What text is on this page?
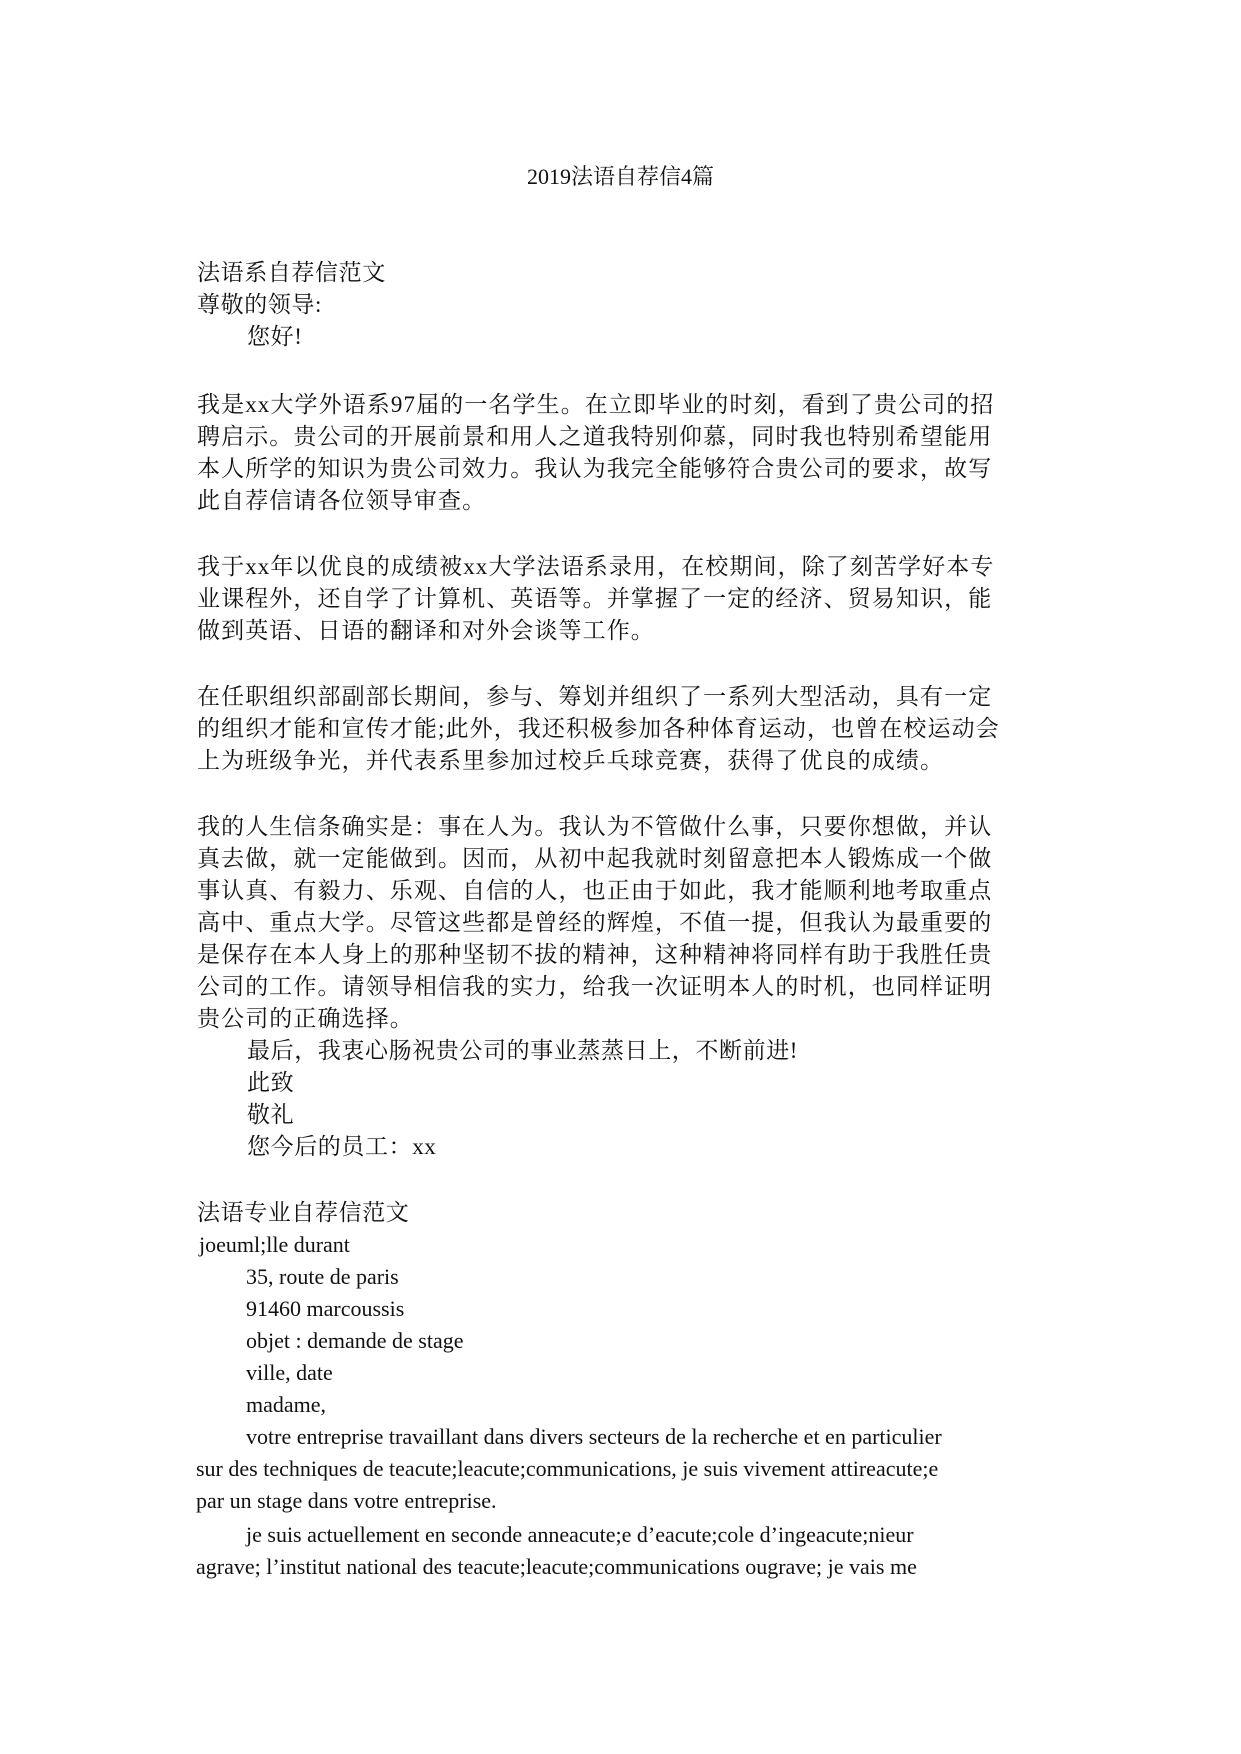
2019法语自荐信4篇
法语系自荐信范文
尊敬的领导:
您好!
我是xx大学外语系97届的一名学生。在立即毕业的时刻，看到了贵公司的招
聘启示。贵公司的开展前景和用人之道我特别仰慕，同时我也特别希望能用
本人所学的知识为贵公司效力。我认为我完全能够符合贵公司的要求，故写
此自荐信请各位领导审查。
我于xx年以优良的成绩被xx大学法语系录用，在校期间，除了刻苦学好本专
业课程外，还自学了计算机、英语等。并掌握了一定的经济、贸易知识，能
做到英语、日语的翻译和对外会谈等工作。
在任职组织部副部长期间，参与、筹划并组织了一系列大型活动，具有一定
的组织才能和宣传才能;此外，我还积极参加各种体育运动，也曾在校运动会
上为班级争光，并代表系里参加过校乒乓球竞赛，获得了优良的成绩。
我的人生信条确实是：事在人为。我认为不管做什么事，只要你想做，并认
真去做，就一定能做到。因而，从初中起我就时刻留意把本人锻炼成一个做
事认真、有毅力、乐观、自信的人，也正由于如此，我才能顺利地考取重点
高中、重点大学。尽管这些都是曾经的辉煌，不值一提，但我认为最重要的
是保存在本人身上的那种坚韧不拔的精神，这种精神将同样有助于我胜任贵
公司的工作。请领导相信我的实力，给我一次证明本人的时机，也同样证明
贵公司的正确选择。
最后，我衷心肠祝贵公司的事业蒸蒸日上，不断前进!
此致
敬礼
您今后的员工：xx
法语专业自荐信范文
joeuml;lle durant
35, route de paris
91460 marcoussis
objet : demande de stage
ville, date
madame,
votre entreprise travaillant dans divers secteurs de la recherche et en particulier
sur des techniques de teacute;leacute;communications, je suis vivement attireacute;e
par un stage dans votre entreprise.
je suis actuellement en seconde anneacute;e d’eacute;cole d’ingeacute;nieur
agrave; l’institut national des teacute;leacute;communications ougrave; je vais me
